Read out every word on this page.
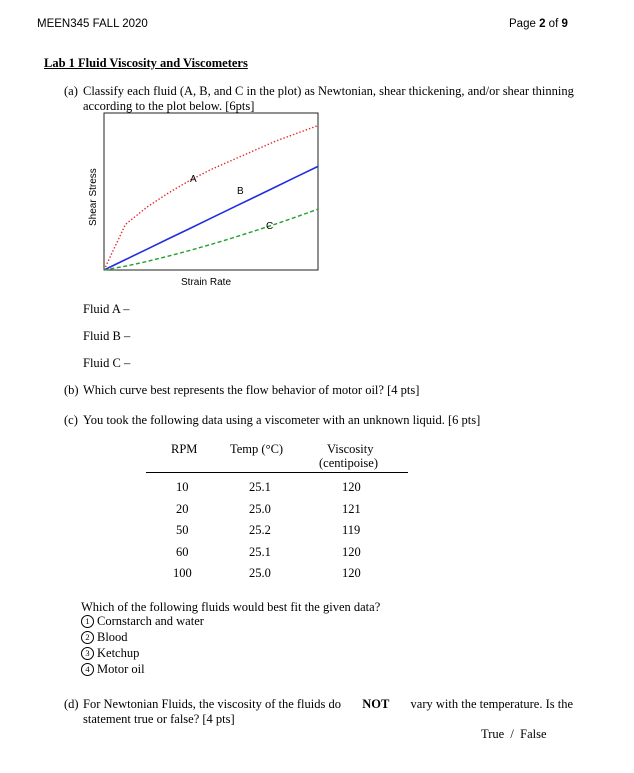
MEEN345 FALL 2020	Page 2 of 9
Lab 1 Fluid Viscosity and Viscometers
(a) Classify each fluid (A, B, and C in the plot) as Newtonian, shear thickening, and/or shear thinning
according to the plot below. [6pts]
A
B
C
Strain Rate
Shear Stress
Fluid A –
Fluid B –
Fluid C –
(b) Which curve best represents the flow behavior of motor oil? [4 pts]
(c) You took the following data using a viscometer with an unknown liquid. [6 pts]
RPM	Temp (°C)	Viscosity
(centipoise)
10	25.1	120
20	25.0	121
50	25.2	119
60	25.1	120
100	25.0	120
Which of the following fluids would best fit the given data?
1 Cornstarch and water
2 Blood
3 Ketchup
4 Motor oil
(d) For Newtonian Fluids, the viscosity of the fluids do NOT vary with the temperature. Is the
statement true or false? [4 pts]
True  /  False
